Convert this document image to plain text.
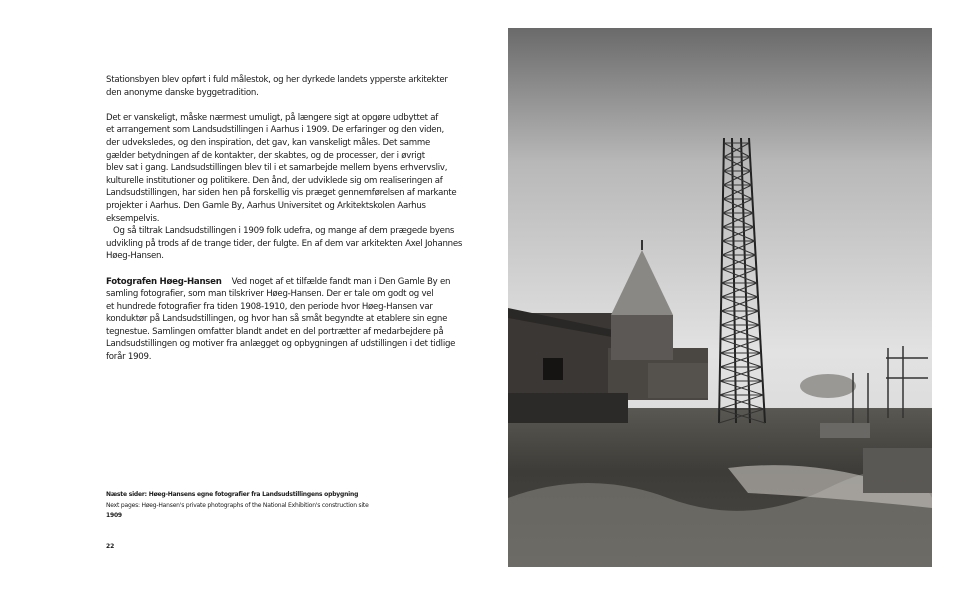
Stationsbyen blev opført i fuld målestok, og her dyrkede landets ypperste arkitekter
den anonyme danske byggetradition.
Det er vanskeligt, måske nærmest umuligt, på længere sigt at opgøre udbyttet af
et arrangement som Landsudstillingen i Aarhus i 1909. De erfaringer og den viden,
der udveksledes, og den inspiration, det gav, kan vanskeligt måles. Det samme
gælder betydningen af de kontakter, der skabtes, og de processer, der i øvrigt
blev sat i gang. Landsudstillingen blev til i et samarbejde mellem byens erhvervsliv,
kulturelle institutioner og politikere. Den ånd, der udviklede sig om realiseringen af
Landsudstillingen, har siden hen på forskellig vis præget gennemførelsen af markante
projekter i Aarhus. Den Gamle By, Aarhus Universitet og Arkitektskolen Aarhus
eksempelvis.
Og så tiltrak Landsudstillingen i 1909 folk udefra, og mange af dem prægede byens
udvikling på trods af de trange tider, der fulgte. En af dem var arkitekten Axel Johannes
Høeg-Hansen.
Fotografen Høeg-Hansen Ved noget af et tilfælde fandt man i Den Gamle By en
samling fotografier, som man tilskriver Høeg-Hansen. Der er tale om godt og vel
et hundrede fotografier fra tiden 1908-1910, den periode hvor Høeg-Hansen var
konduktør på Landsudstillingen, og hvor han så småt begyndte at etablere sin egne
tegnestue. Samlingen omfatter blandt andet en del portrætter af medarbejdere på
Landsudstillingen og motiver fra anlægget og opbygningen af udstillingen i det tidlige
forår 1909.
Næste sider: Høeg-Hansens egne fotografier fra Landsudstillingens opbygning
Next pages: Høeg-Hansen's private photographs of the National Exhibition's construction site
1909
22
